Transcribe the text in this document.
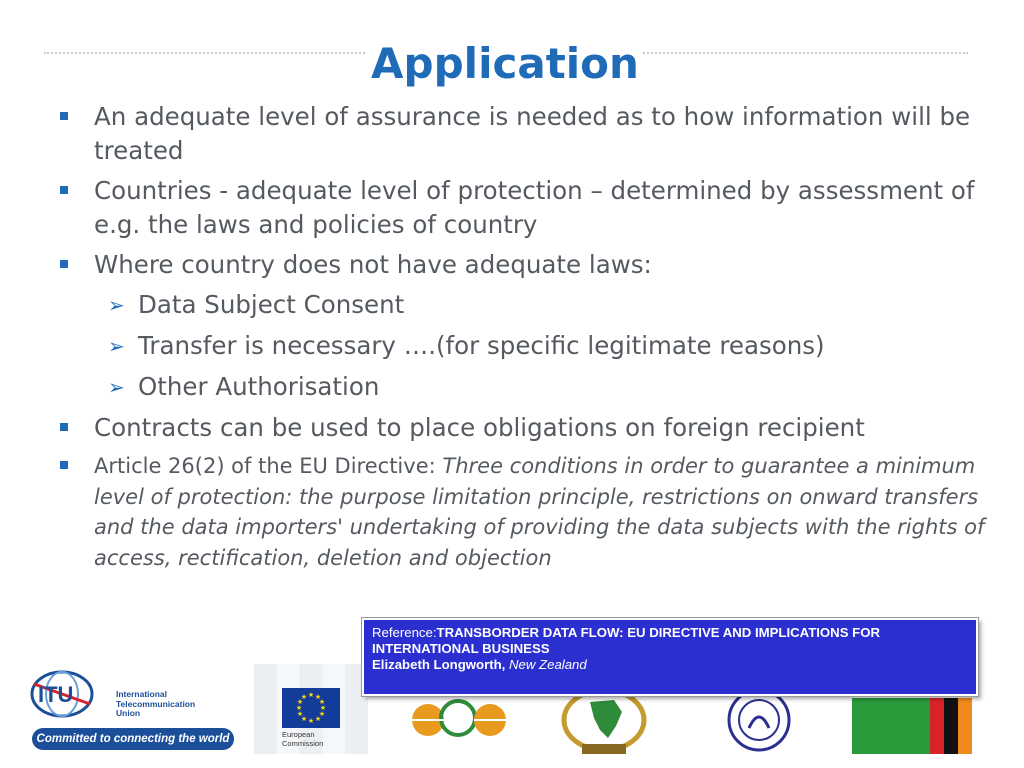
Application
An adequate level of assurance is needed as to how information will be treated
Countries - adequate level of protection – determined by assessment of e.g. the laws and policies of country
Where country does not have adequate laws:
➢ Data Subject Consent
➢ Transfer is necessary ….(for specific legitimate reasons)
➢ Other Authorisation
Contracts can be used to place obligations on foreign recipient
Article 26(2) of the EU Directive: Three conditions in order to guarantee a minimum level of protection: the purpose limitation principle, restrictions on onward transfers and the data importers' undertaking of providing the data subjects with the rights of access, rectification, deletion and objection
ITU	International
Telecommunication
Union
Committed to connecting the world
★ ★
★
★
★
★
★
★
★
★
★
★
European
Commission
Reference:TRANSBORDER DATA FLOW: EU DIRECTIVE AND IMPLICATIONS FOR INTERNATIONAL BUSINESS
Elizabeth Longworth, New Zealand
